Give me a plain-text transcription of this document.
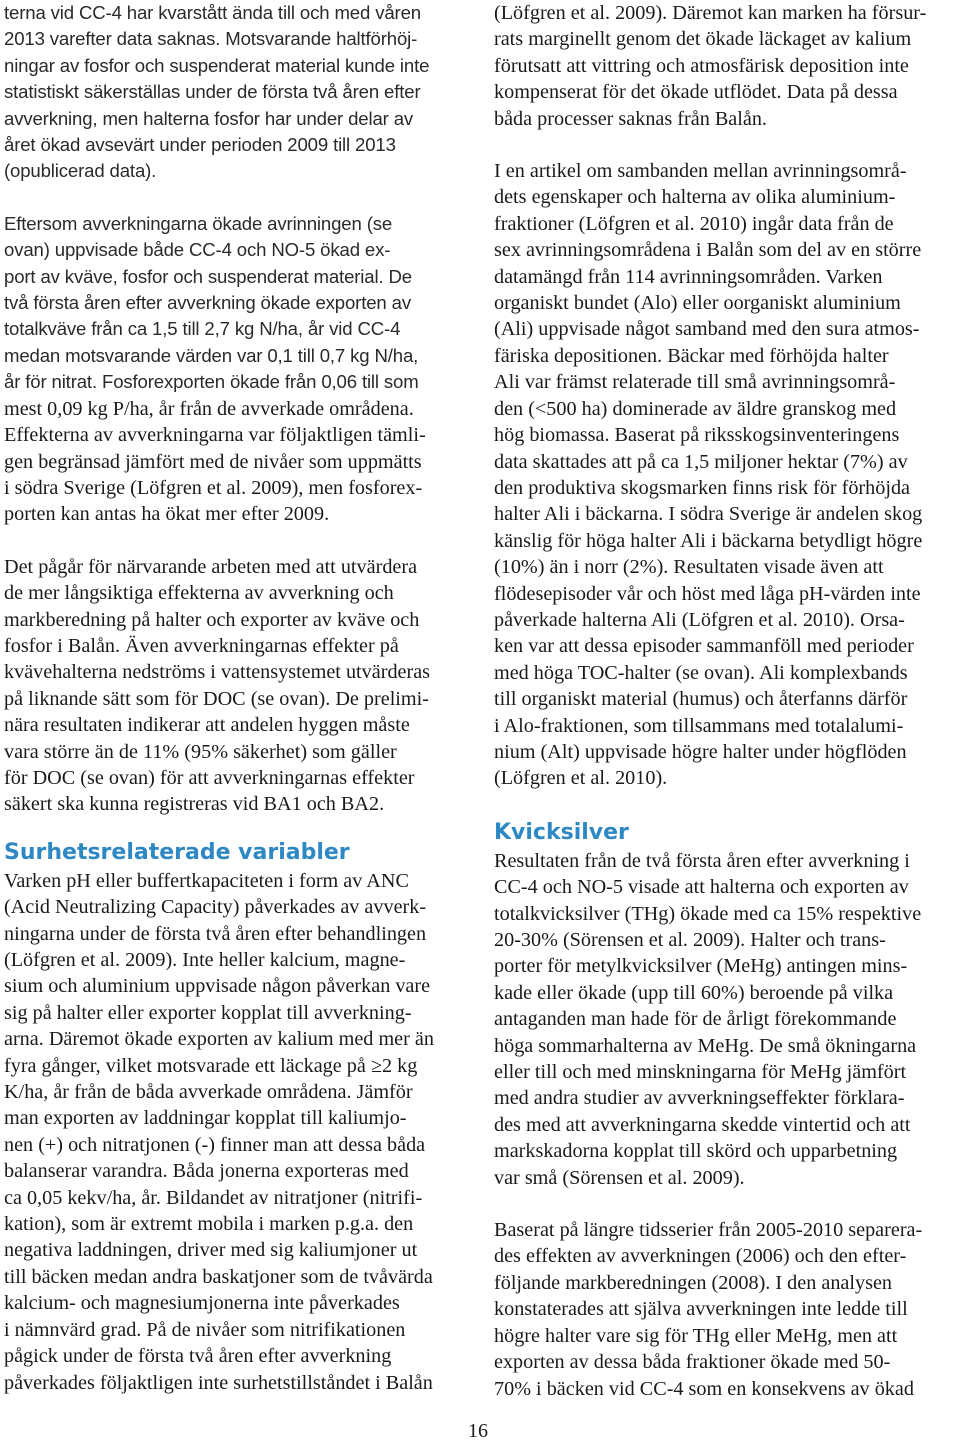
terna vid CC-4 har kvarstått ända till och med våren

2013 varefter data saknas. Motsvarande haltförhöj-

ningar av fosfor och suspenderat material kunde inte

statistiskt säkerställas under de första två åren efter

avverkning, men halterna fosfor har under delar av

året ökad avsevärt under perioden 2009 till 2013

(opublicerad data).

Eftersom avverkningarna ökade avrinningen (se

ovan) uppvisade både CC-4 och NO-5 ökad ex-

port av kväve, fosfor och suspenderat material. De

två första åren efter avverkning ökade exporten av

totalkväve från ca 1,5 till 2,7 kg N/ha, år vid CC-4

medan motsvarande värden var 0,1 till 0,7 kg N/ha,

år för nitrat. Fosforexporten ökade från 0,06 till som

mest 0,09 kg P/ha, år från de avverkade områdena.

Effekterna av avverkningarna var följaktligen tämli-

gen begränsad jämfört med de nivåer som uppmätts

i södra Sverige (Löfgren et al. 2009), men fosforex-

porten kan antas ha ökat mer efter 2009.

Det pågår för närvarande arbeten med att utvärdera

de mer långsiktiga effekterna av avverkning och

markberedning på halter och exporter av kväve och

fosfor i Balån. Även avverkningarnas effekter på

kvävehalterna nedströms i vattensystemet utvärderas

på liknande sätt som för DOC (se ovan). De prelimi-

nära resultaten indikerar att andelen hyggen måste

vara större än de 11% (95% säkerhet) som gäller

för DOC (se ovan) för att avverkningarnas effekter

säkert ska kunna registreras vid BA1 och BA2.

Surhetsrelaterade variabler

Varken pH eller buffertkapaciteten i form av ANC

(Acid Neutralizing Capacity) påverkades av avverk-

ningarna under de första två åren efter behandlingen

(Löfgren et al. 2009). Inte heller kalcium, magne-

sium och aluminium uppvisade någon påverkan vare

sig på halter eller exporter kopplat till avverkning-

arna. Däremot ökade exporten av kalium med mer än

fyra gånger, vilket motsvarade ett läckage på ≥2 kg

K/ha, år från de båda avverkade områdena. Jämför

man exporten av laddningar kopplat till kaliumjo-

nen (+) och nitratjonen (-) finner man att dessa båda

balanserar varandra. Båda jonerna exporteras med

ca 0,05 kekv/ha, år. Bildandet av nitratjoner (nitrifi-

kation), som är extremt mobila i marken p.g.a. den

negativa laddningen, driver med sig kaliumjoner ut

till bäcken medan andra baskatjoner som de tvåvärda

kalcium- och magnesiumjonerna inte påverkades

i nämnvärd grad. På de nivåer som nitrifikationen

pågick under de första två åren efter avverkning

påverkades följaktligen inte surhetstillståndet i Balån

(Löfgren et al. 2009). Däremot kan marken ha försur-

rats marginellt genom det ökade läckaget av kalium

förutsatt att vittring och atmosfärisk deposition inte

kompenserat för det ökade utflödet. Data på dessa

båda processer saknas från Balån.

I en artikel om sambanden mellan avrinningsområ-

dets egenskaper och halterna av olika aluminium-

fraktioner (Löfgren et al. 2010) ingår data från de

sex avrinningsområdena i Balån som del av en större

datamängd från 114 avrinningsområden. Varken

organiskt bundet (Alo) eller oorganiskt aluminium

(Ali) uppvisade något samband med den sura atmos-

färiska depositionen. Bäckar med förhöjda halter

Ali var främst relaterade till små avrinningsområ-

den (<500 ha) dominerade av äldre granskog med

hög biomassa. Baserat på riksskogsinventeringens

data skattades att på ca 1,5 miljoner hektar (7%) av

den produktiva skogsmarken finns risk för förhöjda

halter Ali i bäckarna. I södra Sverige är andelen skog

känslig för höga halter Ali i bäckarna betydligt högre

(10%) än i norr (2%). Resultaten visade även att

flödesepisoder vår och höst med låga pH-värden inte

påverkade halterna Ali (Löfgren et al. 2010). Orsa-

ken var att dessa episoder sammanföll med perioder

med höga TOC-halter (se ovan). Ali komplexbands

till organiskt material (humus) och återfanns därför

i Alo-fraktionen, som tillsammans med totalalumi-

nium (Alt) uppvisade högre halter under högflöden

(Löfgren et al. 2010).

Kvicksilver

Resultaten från de två första åren efter avverkning i

CC-4 och NO-5 visade att halterna och exporten av

totalkvicksilver (THg) ökade med ca 15% respektive

20-30% (Sörensen et al. 2009). Halter och trans-

porter för metylkvicksilver (MeHg) antingen mins-

kade eller ökade (upp till 60%) beroende på vilka

antaganden man hade för de årligt förekommande

höga sommarhalterna av MeHg. De små ökningarna

eller till och med minskningarna för MeHg jämfört

med andra studier av avverkningseffekter förklara-

des med att avverkningarna skedde vintertid och att

markskadorna kopplat till skörd och upparbetning

var små (Sörensen et al. 2009).

Baserat på längre tidsserier från 2005-2010 separera-

des effekten av avverkningen (2006) och den efter-

följande markberedningen (2008). I den analysen

konstaterades att själva avverkningen inte ledde till

högre halter vare sig för THg eller MeHg, men att

exporten av dessa båda fraktioner ökade med 50-

70% i bäcken vid CC-4 som en konsekvens av ökad

16
